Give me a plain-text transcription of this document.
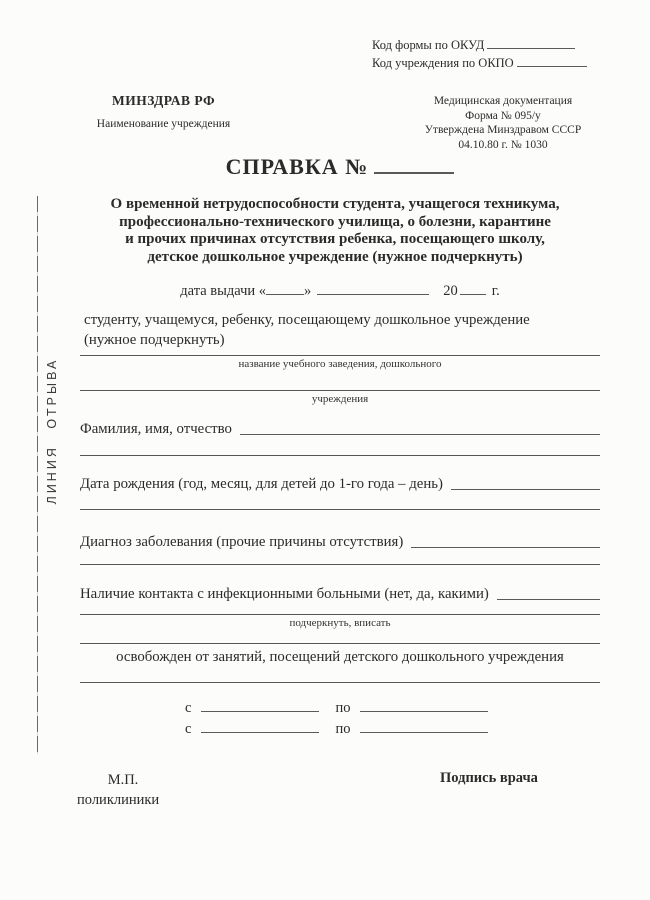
ЛИНИЯ ОТРЫВА
Код формы по ОКУД
Код учреждения по ОКПО
МИНЗДРАВ РФ
Наименование учреждения
Медицинская документация
Форма № 095/у
Утверждена Минздравом СССР
04.10.80 г. № 1030
СПРАВКА №
О временной нетрудоспособности студента, учащегося техникума,
профессионально-технического училища, о болезни, карантине
и прочих причинах отсутствия ребенка, посещающего школу,
детское дошкольное учреждение (нужное подчеркнуть)
дата выдачи «	»	20 г.
студенту, учащемуся, ребенку, посещающему дошкольное учреждение
(нужное подчеркнуть)
название учебного заведения, дошкольного
учреждения
Фамилия, имя, отчество
Дата рождения (год, месяц, для детей до 1-го года – день)
Диагноз заболевания (прочие причины отсутствия)
Наличие контакта с инфекционными больными (нет, да, какими)
подчеркнуть, вписать
освобожден от занятий, посещений детского дошкольного учреждения
с	по
с	по
М.П.
поликлиники
Подпись врача
